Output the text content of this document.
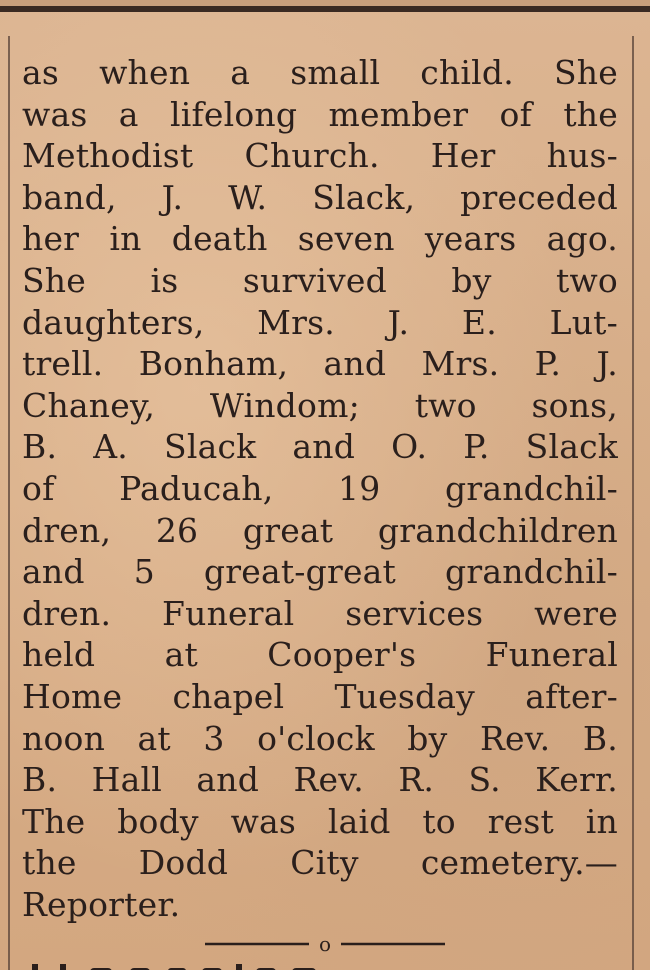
as when a small child. She
was a lifelong member of the
Methodist Church. Her hus-
band, J. W. Slack, preceded
her in death seven years ago.
She is survived by two
daughters, Mrs. J. E. Lut-
trell. Bonham, and Mrs. P. J.
Chaney, Windom; two sons,
B. A. Slack and O. P. Slack
of Paducah, 19 grandchil-
dren, 26 great grandchildren
and 5 great-great grandchil-
dren. Funeral services were
held at Cooper's Funeral
Home chapel Tuesday after-
noon at 3 o'clock by Rev. B.
B. Hall and Rev. R. S. Kerr.
The body was laid to rest in
the Dodd City cemetery.—
Reporter.
o
